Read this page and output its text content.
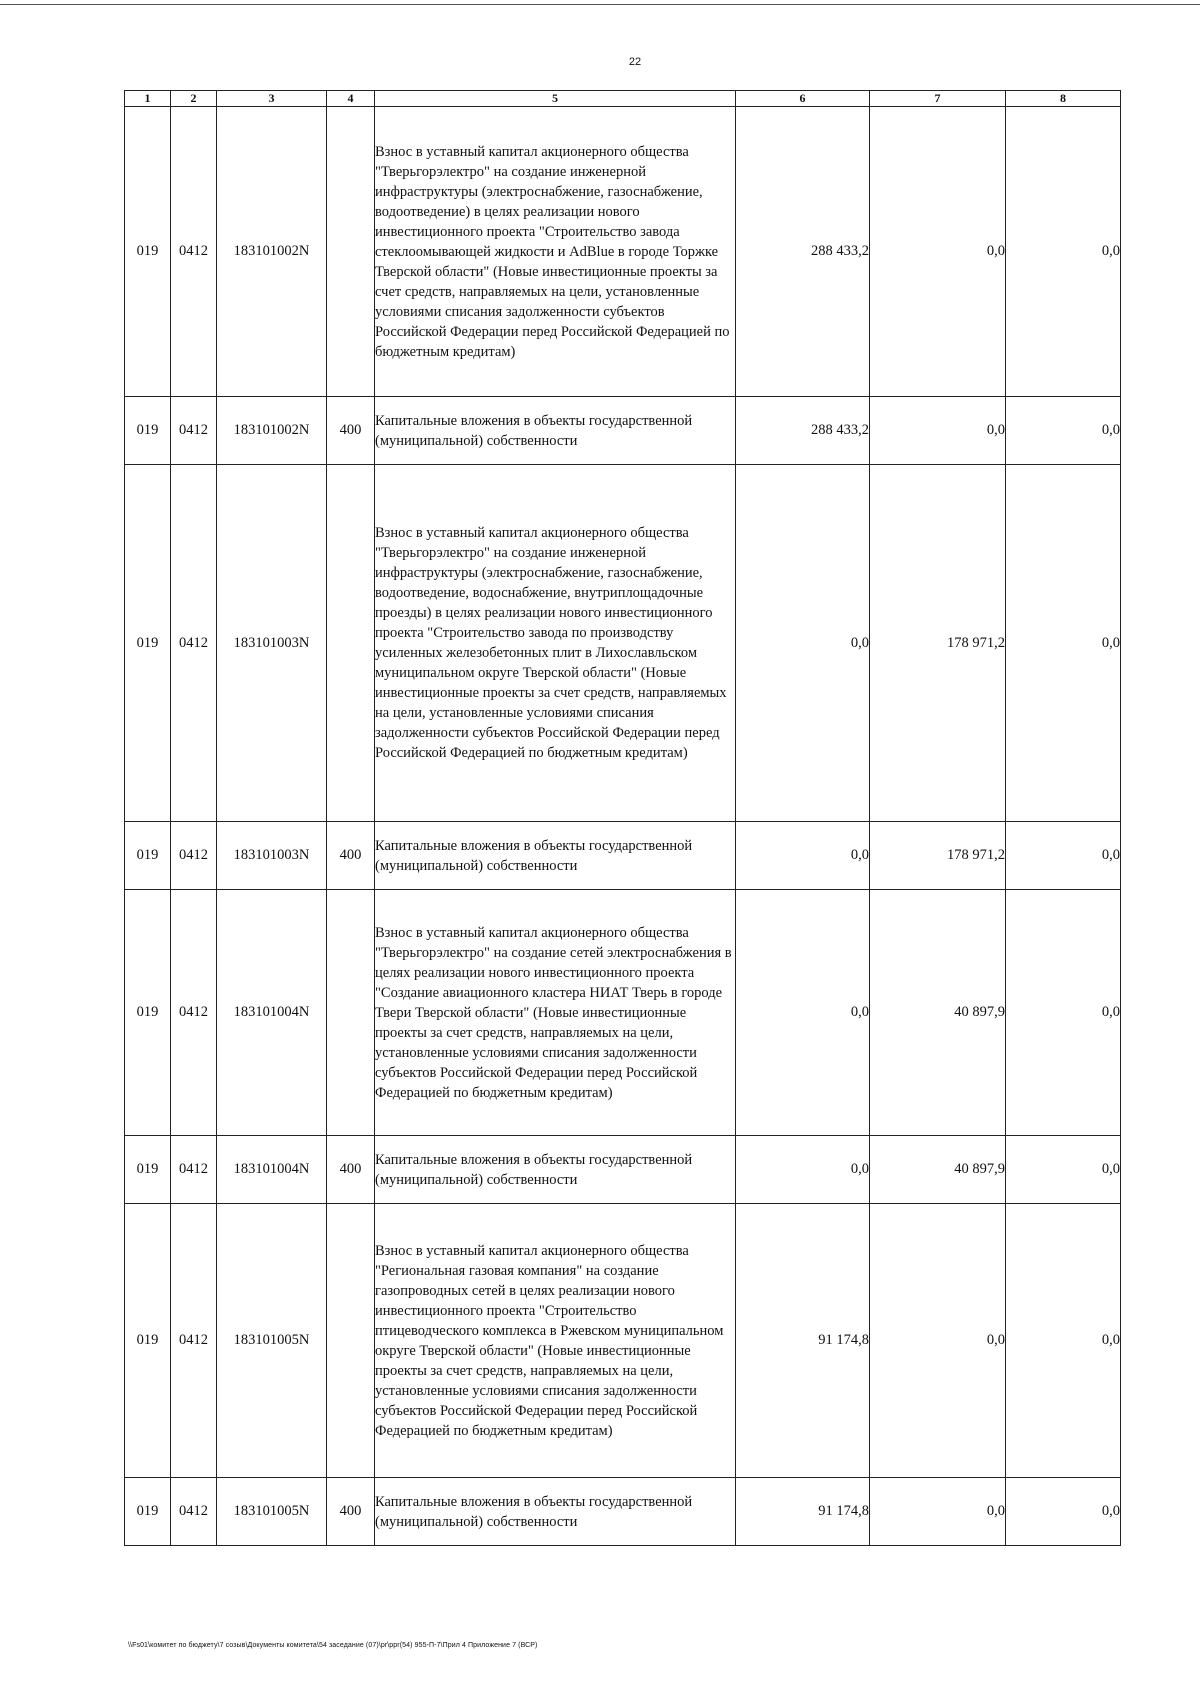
22
1	2	3	4	5	6	7	8
019	0412	183101002N		Взнос в уставный капитал акционерного общества "Тверьгорэлектро" на создание инженерной инфраструктуры (электроснабжение, газоснабжение, водоотведение) в целях реализации нового инвестиционного проекта "Строительство завода стеклоомывающей жидкости и AdBlue в городе Торжке Тверской области" (Новые инвестиционные проекты за счет средств, направляемых на цели, установленные условиями списания задолженности субъектов Российской Федерации перед Российской Федерацией по бюджетным кредитам)	288 433,2	0,0	0,0
019	0412	183101002N	400	Капитальные вложения в объекты государственной (муниципальной) собственности	288 433,2	0,0	0,0
019	0412	183101003N		Взнос в уставный капитал акционерного общества "Тверьгорэлектро" на создание инженерной инфраструктуры (электроснабжение, газоснабжение, водоотведение, водоснабжение, внутриплощадочные проезды) в целях реализации нового инвестиционного проекта "Строительство завода по производству усиленных железобетонных плит в Лихославльском муниципальном округе Тверской области" (Новые инвестиционные проекты за счет средств, направляемых на цели, установленные условиями списания задолженности субъектов Российской Федерации перед Российской Федерацией по бюджетным кредитам)	0,0	178 971,2	0,0
019	0412	183101003N	400	Капитальные вложения в объекты государственной (муниципальной) собственности	0,0	178 971,2	0,0
019	0412	183101004N		Взнос в уставный капитал акционерного общества "Тверьгорэлектро" на создание сетей электроснабжения в целях реализации нового инвестиционного проекта "Создание авиационного кластера НИАТ Тверь в городе Твери Тверской области" (Новые инвестиционные проекты за счет средств, направляемых на цели, установленные условиями списания задолженности субъектов Российской Федерации перед Российской Федерацией по бюджетным кредитам)	0,0	40 897,9	0,0
019	0412	183101004N	400	Капитальные вложения в объекты государственной (муниципальной) собственности	0,0	40 897,9	0,0
019	0412	183101005N		Взнос в уставный капитал акционерного общества "Региональная газовая компания" на создание газопроводных сетей в целях реализации нового инвестиционного проекта "Строительство птицеводческого комплекса в Ржевском муниципальном округе Тверской области" (Новые инвестиционные проекты за счет средств, направляемых на цели, установленные условиями списания задолженности субъектов Российской Федерации перед Российской Федерацией по бюджетным кредитам)	91 174,8	0,0	0,0
019	0412	183101005N	400	Капитальные вложения в объекты государственной (муниципальной) собственности	91 174,8	0,0	0,0
\\Fs01\комитет по бюджету\7 созыв\Документы комитета\54 заседание (07)\pr\ppr(54) 955-П-7\Прил 4 Приложение 7 (ВСР)
